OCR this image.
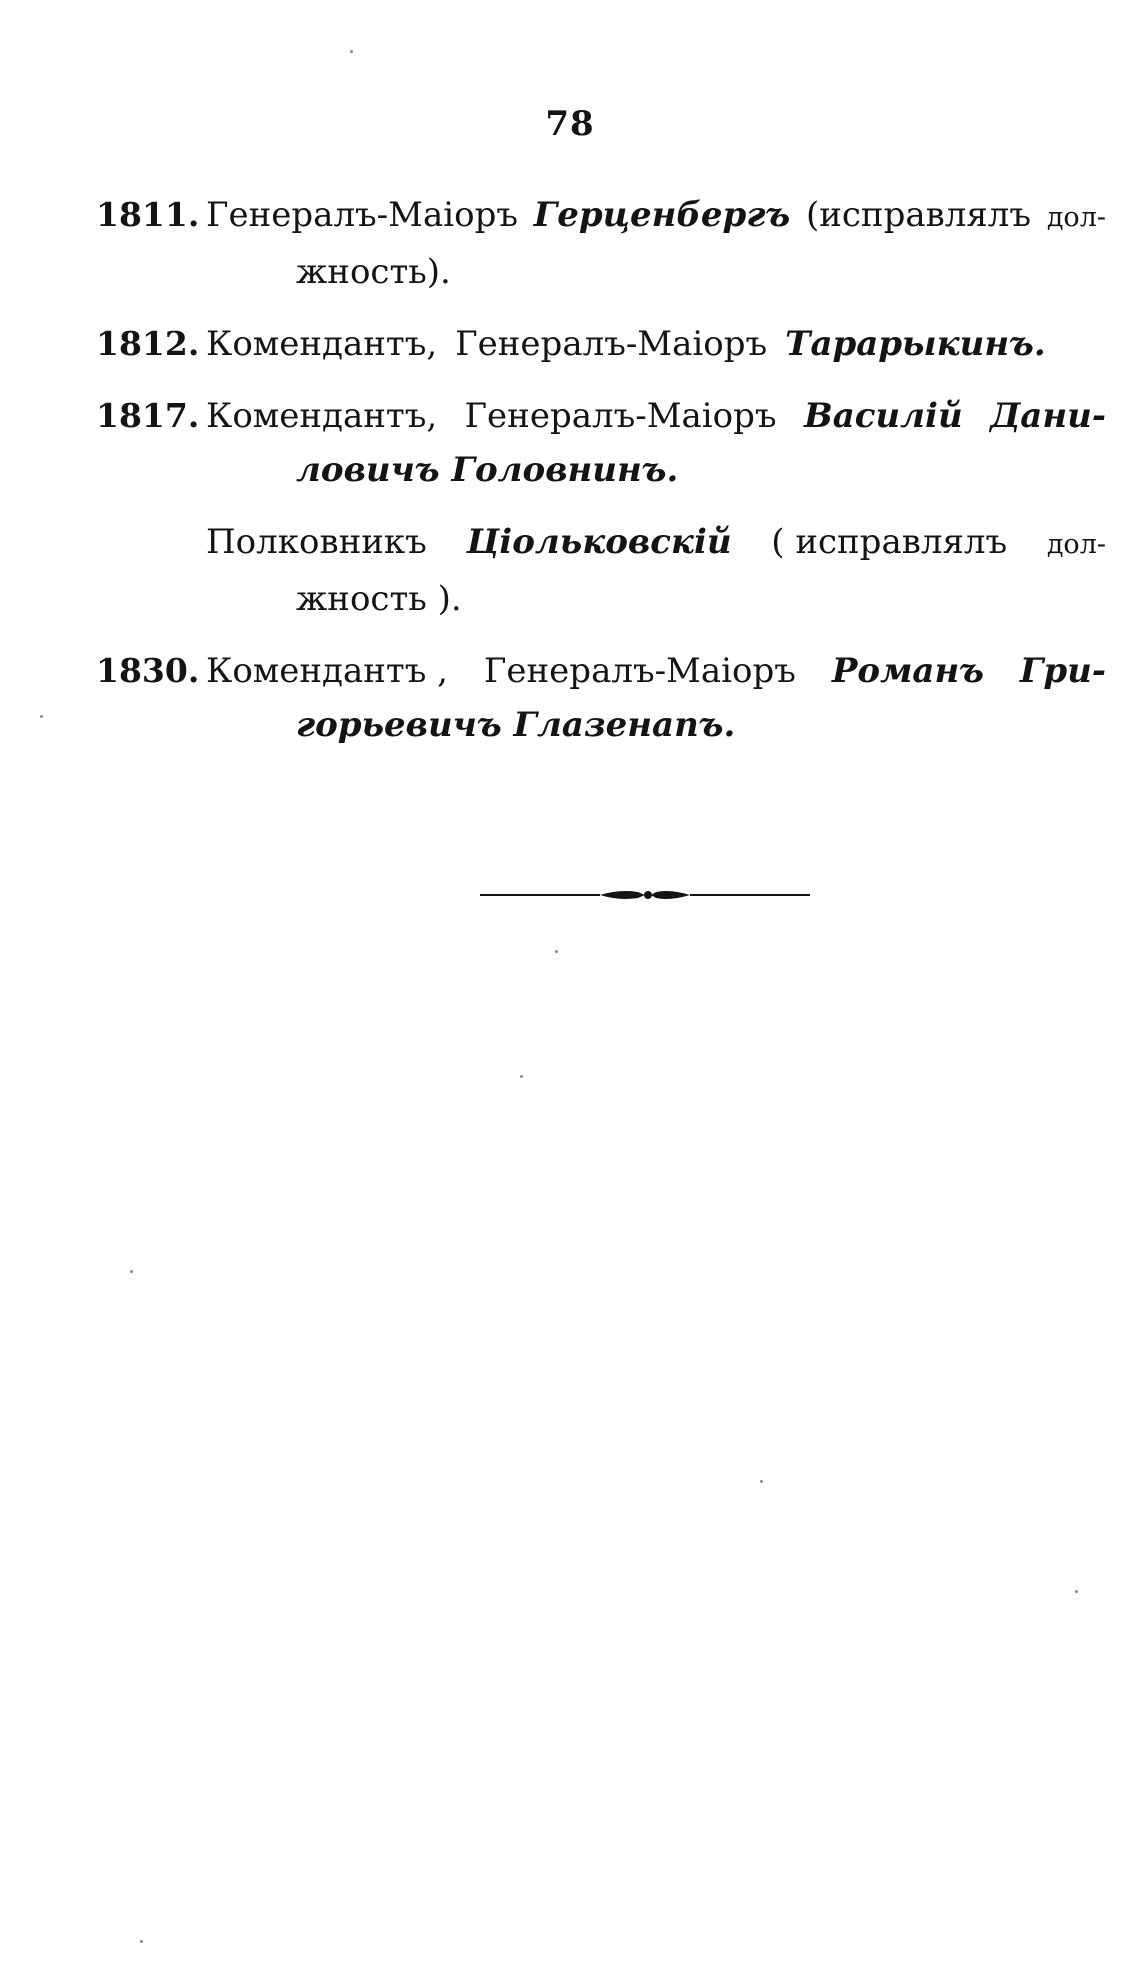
78
1811. Генералъ-Маіоръ Герценбергъ (исправлялъ дол-
жность).
1812. Комендантъ, Генералъ-Маіоръ Тарарыкинъ.
1817. Комендантъ, Генералъ-Маіоръ Василій Дани-
ловичъ Головнинъ.
Полковникъ Ціольковскій ( исправлялъ дол-
жность ).
1830. Комендантъ , Генералъ-Маіоръ Романъ Гри-
горьевичъ Глазенапъ.
